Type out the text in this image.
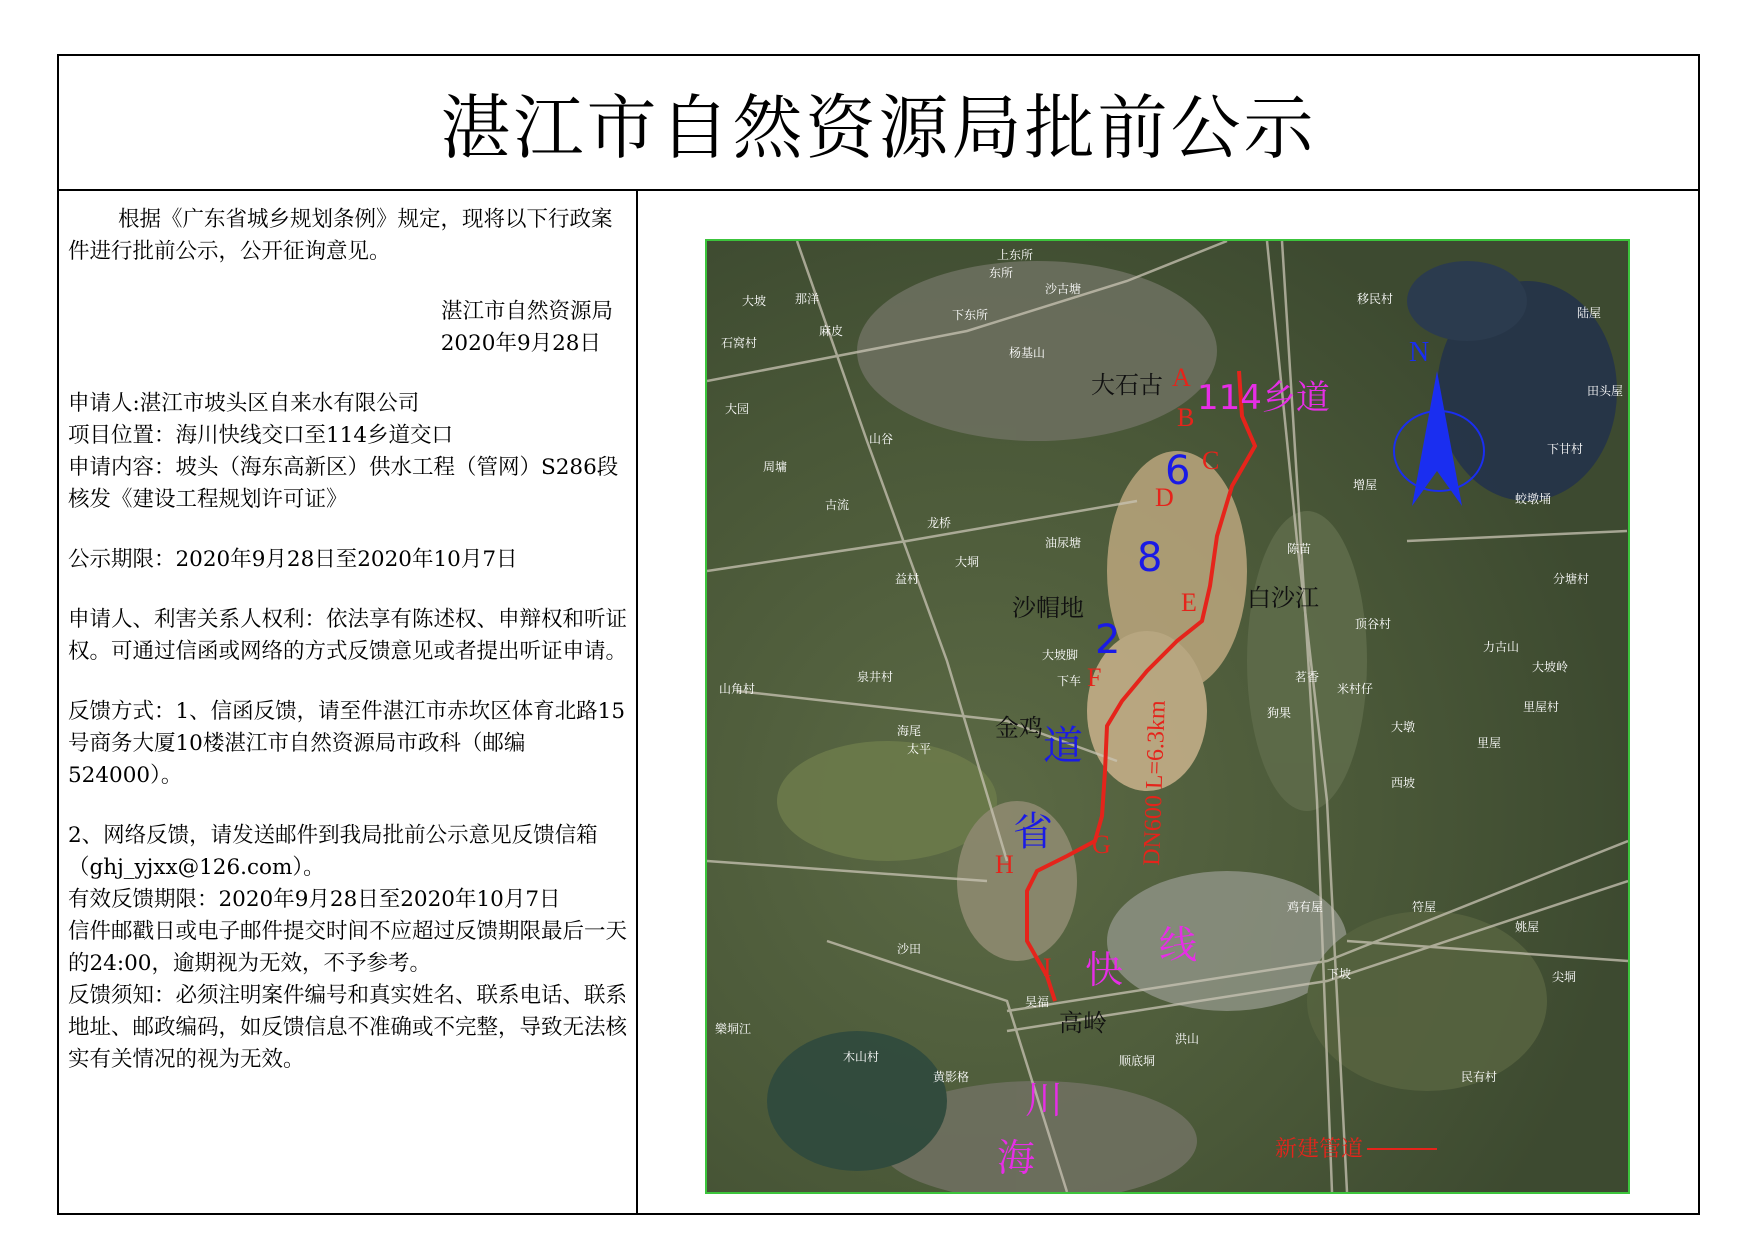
湛江市自然资源局批前公示

根据《广东省城乡规划条例》规定，现将以下行政案件进行批前公示，公开征询意见。

湛江市自然资源局

2020年9月28日

申请人:湛江市坡头区自来水有限公司

项目位置：海川快线交口至114乡道交口

申请内容：坡头（海东高新区）供水工程（管网）S286段核发《建设工程规划许可证》

公示期限：2020年9月28日至2020年10月7日

申请人、利害关系人权利：依法享有陈述权、申辩权和听证权。可通过信函或网络的方式反馈意见或者提出听证申请。

反馈方式：1、信函反馈，请至件湛江市赤坎区体育北路15号商务大厦10楼湛江市自然资源局市政科（邮编524000）。

2、网络反馈，请发送邮件到我局批前公示意见反馈信箱（ghj_yjxx@126.com）。

有效反馈期限：2020年9月28日至2020年10月7日

信件邮戳日或电子邮件提交时间不应超过反馈期限最后一天的24:00，逾期视为无效，不予参考。

反馈须知：必须注明案件编号和真实姓名、联系电话、联系地址、邮政编码，如反馈信息不准确或不完整，导致无法核实有关情况的视为无效。

6
8
2
道
省
A
B
C
D
E
F
G
H
I
DN600 L=6.3km
114乡道
海
川
快
线
N
新建管道
大石古
沙帽地	白沙江
金鸡
高岭
上东所
东所
大坡 那洋
麻皮
石窝村
沙古塘
下东所
杨基山
大园
山谷
周墉
古流
龙桥
大垌
益村
油尿塘
大坡脚
泉井村
山角村
海尾
太平
下车
陈苗
增屋
顶谷村
力古山
大坡岭
里屋村
茗香
狗果
米村仔
大墩
西坡
里屋
鸡有屋	符屋
姚屋
洪山
顺底垌
民有村
下坡	尖垌
沙田
昊福
黄影格
木山村
樂垌江
移民村
陆屋
田头屋
下甘村
蛟墩埇
分塘村
